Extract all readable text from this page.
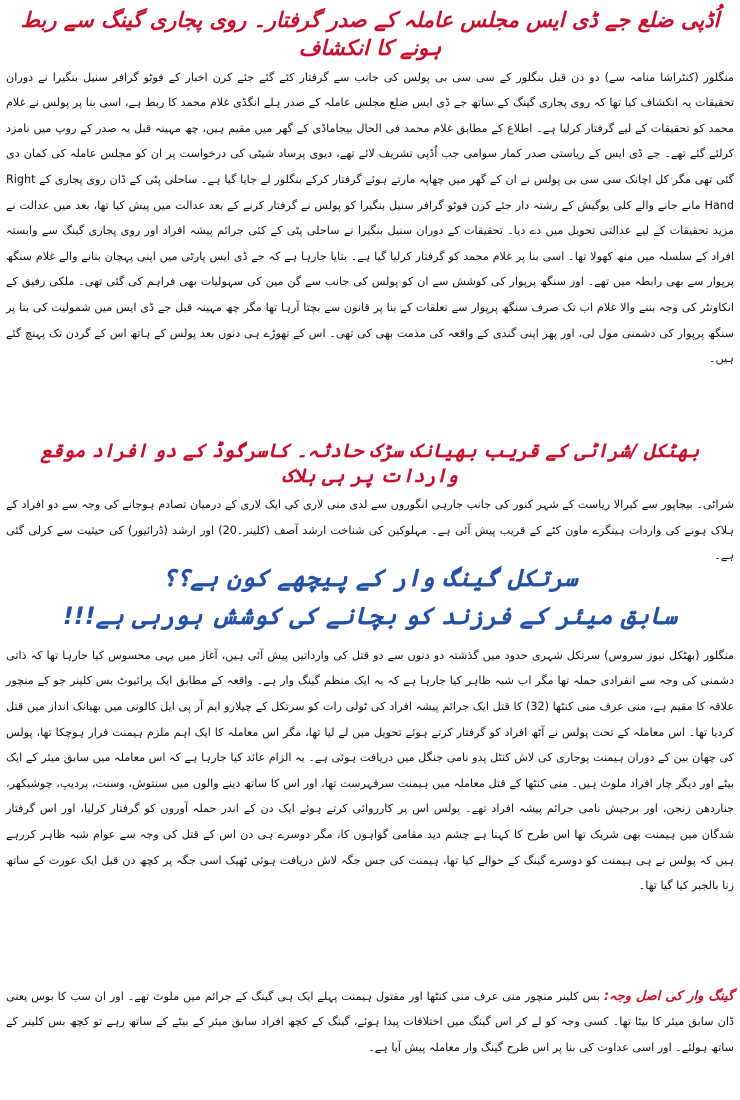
اُڈپی ضلع جے ڈی ایس مجلس عاملہ کے صدر گرفتار۔ روی پجاری گینگ سے ربط ہونے کا انکشاف

منگلور (کنٹراشا منامہ سے) دو دن قبل بنگلور کے سی سی بی پولس کی جانب سے گرفتار کئے گئے جئے کرن اخبار کے فوٹو گرافر سنیل بنگیرا نے دوران تحقیقات یہ انکشاف کیا تھا کہ روی پجاری گینگ کے ساتھ جے ڈی ایس ضلع مجلس عاملہ کے صدر ہلے انگڈی غلام محمد کا ربط ہے، اسی بنا پر پولس نے غلام محمد کو تحقیقات کے لیے گرفتار کرلیا ہے۔ اطلاع کے مطابق غلام محمد فی الحال بیجاماڈی کے گھر میں مقیم ہیں، چھ مہینہ قبل یہ صدر کے روپ میں نامزد کرلئے گئے تھے۔ جے ڈی ایس کے ریاستی صدر کمار سوامی جب اُڈپی تشریف لائے تھے، دیوی پرساد شیٹی کی درخواست پر ان کو مجلس عاملہ کی کمان دی گئی تھی مگر کل اچانک سی سی بی پولس نے ان کے گھر میں چھاپہ مارتے ہوئے گرفتار کرکے بنگلور لے جایا گیا ہے۔ ساحلی پٹی کے ڈان روی پجاری کے Right Hand مانے جانے والے کلی یوگیش کے رشتہ دار جئے کرن فوٹو گرافر سنیل بنگیرا کو پولس نے گرفتار کرنے کے بعد عدالت میں پیش کیا تھا، بعد میں عدالت نے مزید تحقیقات کے لیے عدالتی تحویل میں دے دیا۔ تحقیقات کے دوران سنیل بنگیرا نے ساحلی پٹی کے کئی جرائم پیشہ افراد اور روی پجاری گینگ سے وابستہ افراد کے سلسلہ میں منھ کھولا تھا۔ اسی بنا پر غلام محمد کو گرفتار کرلیا گیا ہے۔ بتایا جارہا ہے کہ جے ڈی ایس پارٹی میں اپنی پہچان بنانے والے غلام سنگھ پرپوار سے بھی رابطہ میں تھے۔ اور سنگھ پرپوار کی کوشش سے ان کو پولس کی جانب سے گن مین کی سہولیات بھی فراہم کی گئی تھی۔ ملکی رفیق کے انکاونٹر کی وجہ بننے والا غلام اب تک صرف سنگھ پرپوار سے تعلقات کے بنا پر قانون سے بچتا آرہا تھا مگر چھ مہینہ قبل جے ڈی ایس میں شمولیت کی بنا پر سنگھ پرپوار کی دشمنی مول لی، اور پھر اپنی گندی کے واقعہ کی مذمت بھی کی تھی۔ اس کے تھوڑے ہی دنوں بعد پولس کے ہاتھ اس کے گردن تک پہنچ گئے ہیں۔

بھٹکل /شراٹی کے قریب بھیانک سڑک حادثہ۔ کاسرگوڈ کے دو افراد موقع واردات پر ہی ہلاک

شراٹی۔ بیجاپور سے کیرالا ریاست کے شہر کنور کی جانب جارہی انگوروں سے لدی منی لاری کی ایک لاری کے درمیان تصادم ہوجانے کی وجہ سے دو افراد کے ہلاک ہونے کی واردات ہینگرے ماون کٹے کے قریب پیش آئی ہے۔ مہلوکین کی شناخت ارشد آصف (کلینر۔20) اور ارشد (ڈرائیور) کی حیثیت سے کرلی گئی ہے۔

سرتکل گینگ وار کے پیچھے کون ہے؟؟
سابق میئر کے فرزند کو بچانے کی کوشش ہورہی ہے!!!

منگلور (بھٹکل نیوز سروس) سرتکل شہری حدود میں گذشتہ دو دنوں سے دو قتل کی وارداتیں پیش آئی ہیں، آغاز میں یہی محسوس کیا جارہا تھا کہ ذاتی دشمنی کی وجہ سے انفرادی حملہ تھا مگر اب شبہ ظاہر کیا جارہا ہے کہ یہ ایک منظم گینگ وار ہے۔ واقعہ کے مطابق ایک پرائیوٹ بس کلینر جو کے منچور علاقہ کا مقیم ہے، منی عرف منی کنٹھا (32) کا قتل ایک جرائم پیشہ افراد کی ٹولی رات کو سرتکل کے چیلارو ایم آر پی ایل کالونی میں بھیانک انداز میں قتل کردیا تھا۔ اس معاملہ کے تحت پولس نے آٹھ افراد کو گرفتار کرتے ہوئے تحویل میں لے لیا تھا، مگر اس معاملہ کا ایک اہم ملزم ہیمنت فرار ہوچکا تھا، پولس کی چھان بین کے دوران ہیمنت پوجاری کی لاش کنٹل پدو نامی جنگل میں دریافت ہوئی ہے۔ یہ الزام عائد کیا جارہا ہے کہ اس معاملہ میں سابق میئر کے ایک بیٹے اور دیگر چار افراد ملوث ہیں۔ منی کنٹھا کے قتل معاملہ میں ہیمنت سرفہرست تھا، اور اس کا ساتھ دینے والوں میں سنتوش، وسنت، پردیپ، چوشیکھر، جناردھن زنجن، اور برجیش نامی جرائم پیشہ افراد تھے۔ پولس اس پر کارروائی کرتے ہوئے ایک دن کے اندر حملہ آوروں کو گرفتار کرلیا، اور اس گرفتار شدگان میں ہیمنت بھی شریک تھا اس طرح کا کہنا ہے چشم دید مقامی گواہوں کا، مگر دوسرے ہی دن اس کے قتل کی وجہ سے عوام شبہ ظاہر کررہے ہیں کہ پولس نے ہی ہیمنت کو دوسرے گینگ کے حوالے کیا تھا، ہیمنت کی جس جگہ لاش دریافت ہوئی ٹھیک اسی جگہ پر کچھ دن قبل ایک عورت کے ساتھ زنا بالجبر کیا گیا تھا۔

گینگ وار کی اصل وجہ: بس کلینر منچور منی عرف منی کنٹھا اور مقتول ہیمنت پہلے ایک ہی گینگ کے جرائم میں ملوث تھے۔ اور ان سب کا بوس یعنی ڈان سابق میئر کا بیٹا تھا۔ کسی وجہ کو لے کر اس گینگ میں اختلافات پیدا ہوئے، گینگ کے کچھ افراد سابق میئر کے بیٹے کے ساتھ رہے تو کچھ بس کلینر کے ساتھ ہولئے۔ اور اسی عداوت کی بنا پر اس طرح گینگ وار معاملہ پیش آیا ہے۔
